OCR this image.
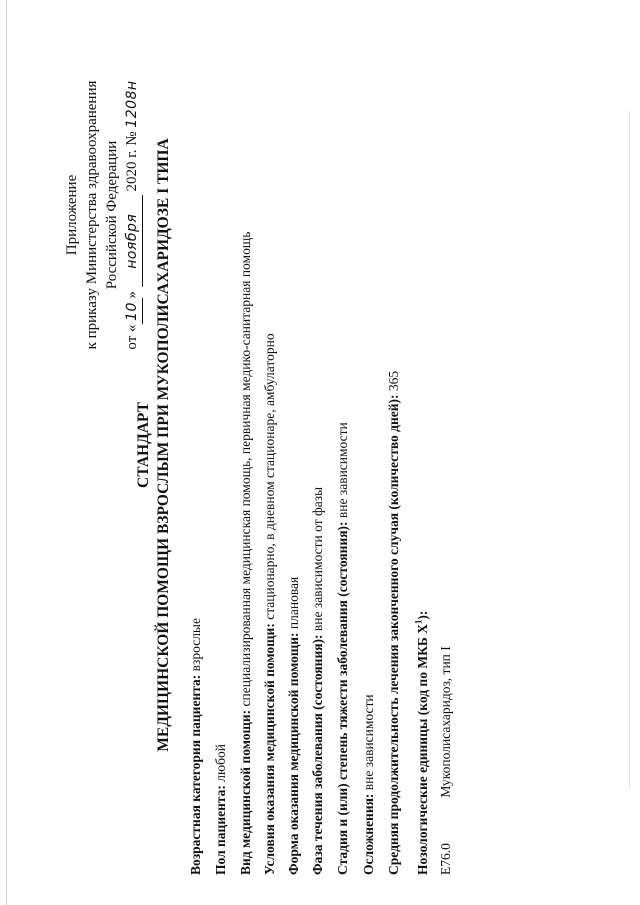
Приложение к приказу Министерства здравоохранения Российской Федерации
от «10» ноября 2020 г. № 1208н
СТАНДАРТ МЕДИЦИНСКОЙ ПОМОЩИ ВЗРОСЛЫМ ПРИ МУКОПОЛИСАХАРИДОЗЕ I ТИПА
Возрастная категория пациента: взрослые
Пол пациента: любой Вид медицинской помощи: специализированная медицинская помощь, первичная медико-санитарная помощь
Условия оказания медицинской помощи: стационарно, в дневном стационаре, амбулаторно
Форма оказания медицинской помощи: плановая
Фаза течения заболевания (состояния): вне зависимости от фазы Стадия и (или) степень тяжести заболевания (состояния): вне зависимости
Осложнения: вне зависимости Средняя продолжительность лечения законченного случая (количество дней): 365
Нозологические единицы (код по МКБ $Х^1$):
E76.0 Мукополисахаридоз, тип I
